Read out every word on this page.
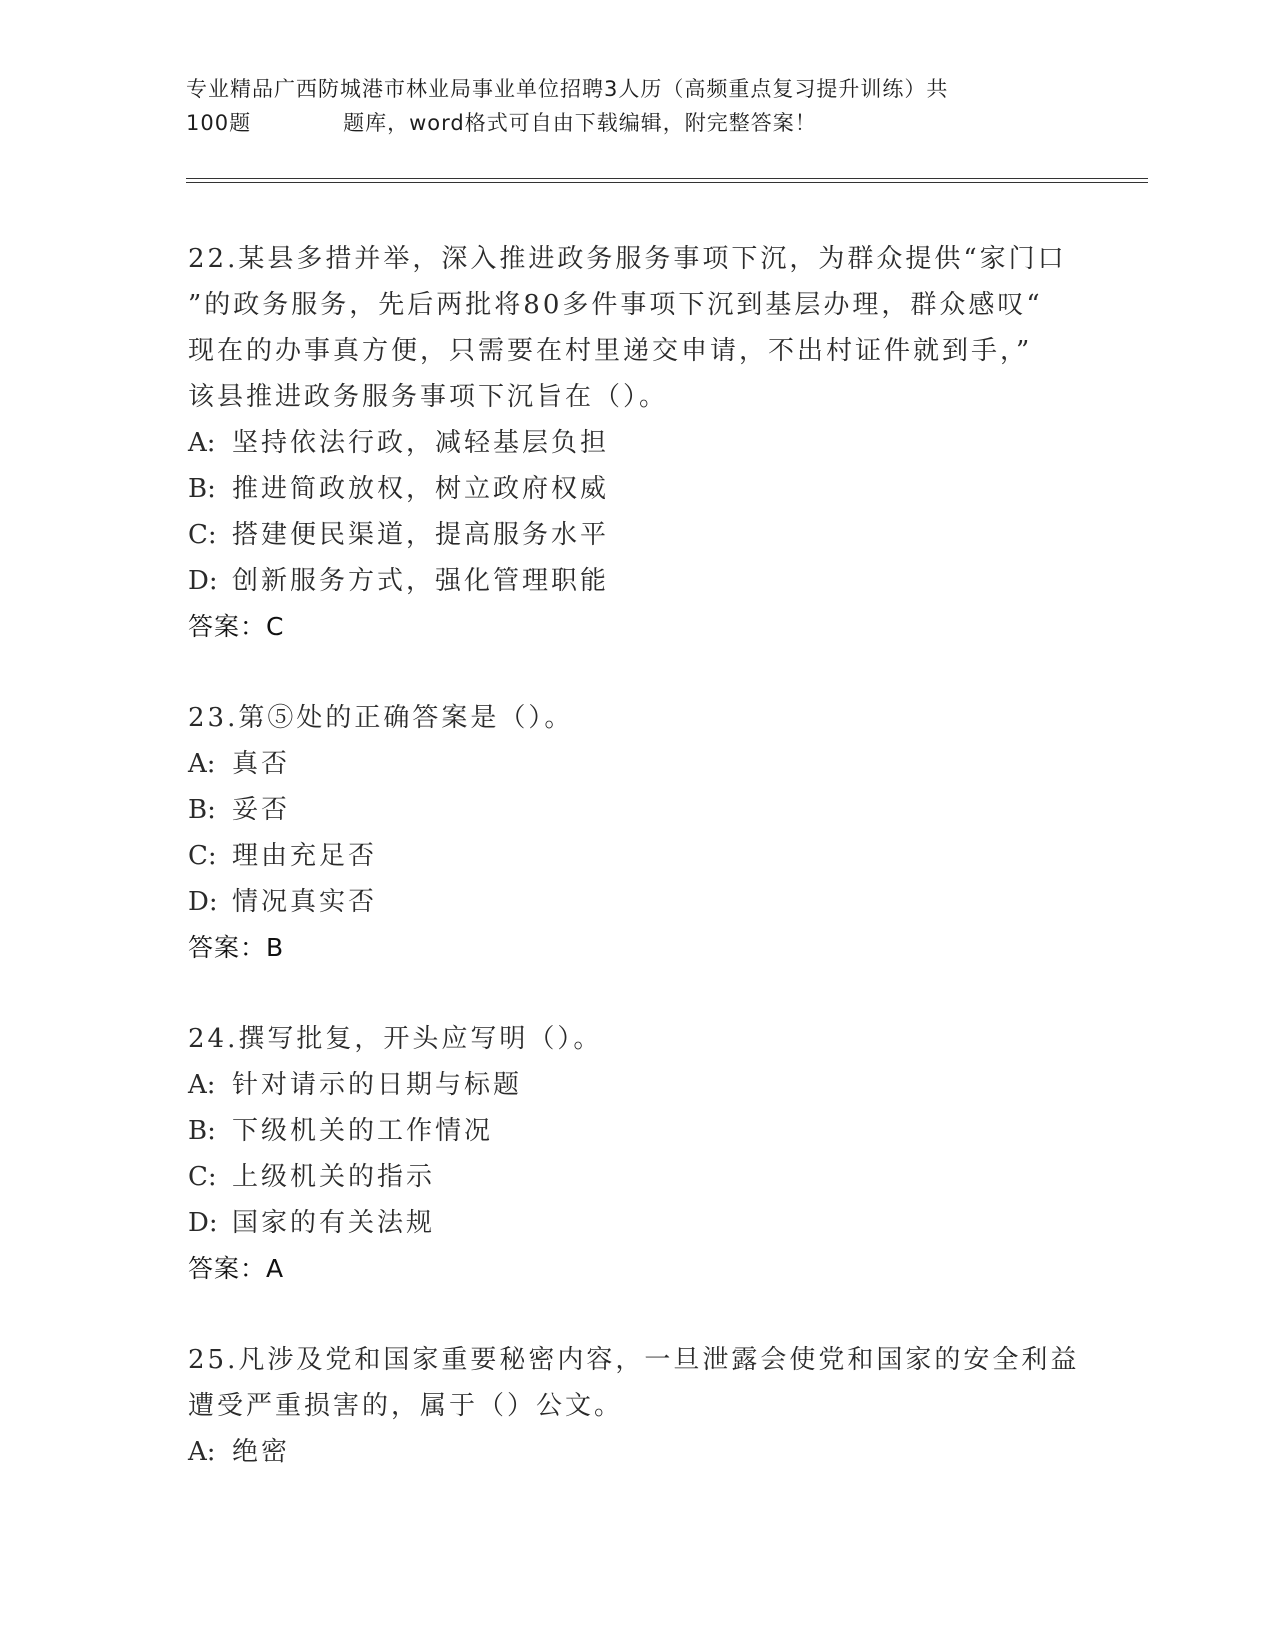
专业精品广西防城港市林业局事业单位招聘3人历（高频重点复习提升训练）共
100题	题库，word格式可自由下载编辑，附完整答案！
22.某县多措并举，深入推进政务服务事项下沉，为群众提供“家门口
”的政务服务，先后两批将80多件事项下沉到基层办理，群众感叹“
现在的办事真方便，只需要在村里递交申请，不出村证件就到手，”
该县推进政务服务事项下沉旨在（）。
A: 坚持依法行政，减轻基层负担
B: 推进简政放权，树立政府权威
C: 搭建便民渠道，提高服务水平
D: 创新服务方式，强化管理职能
答案：C
23.第⑤处的正确答案是（）。
A: 真否
B: 妥否
C: 理由充足否
D: 情况真实否
答案：B
24.撰写批复，开头应写明（）。
A: 针对请示的日期与标题
B: 下级机关的工作情况
C: 上级机关的指示
D: 国家的有关法规
答案：A
25.凡涉及党和国家重要秘密内容，一旦泄露会使党和国家的安全利益
遭受严重损害的，属于（）公文。
A: 绝密
